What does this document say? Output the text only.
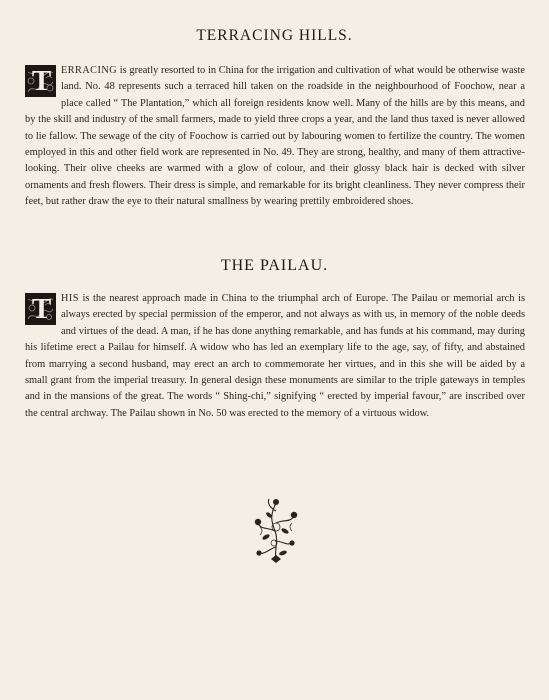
TERRACING HILLS.
T ERRACING is greatly resorted to in China for the irrigation and cultivation of what would be otherwise waste land. No. 48 represents such a terraced hill taken on the roadside in the neighbourhood of Foochow, near a place called “ The Plantation,” which all foreign residents know well. Many of the hills are by this means, and by the skill and industry of the small farmers, made to yield three crops a year, and the land thus taxed is never allowed to lie fallow. The sewage of the city of Foochow is carried out by labouring women to fertilize the country. The women employed in this and other field work are represented in No. 49. They are strong, healthy, and many of them attractive-looking. Their olive cheeks are warmed with a glow of colour, and their glossy black hair is decked with silver ornaments and fresh flowers. Their dress is simple, and remarkable for its bright cleanliness. They never compress their feet, but rather draw the eye to their natural smallness by wearing prettily embroidered shoes.
THE PAILAU.
T HIS is the nearest approach made in China to the triumphal arch of Europe. The Pailau or memorial arch is always erected by special permission of the emperor, and not always as with us, in memory of the noble deeds and virtues of the dead. A man, if he has done anything remarkable, and has funds at his command, may during his lifetime erect a Pailau for himself. A widow who has led an exemplary life to the age, say, of fifty, and abstained from marrying a second husband, may erect an arch to commemorate her virtues, and in this she will be aided by a small grant from the imperial treasury. In general design these monuments are similar to the triple gateways in temples and in the mansions of the great. The words “ Shing-chi,” signifying “ erected by imperial favour,” are inscribed over the central archway. The Pailau shown in No. 50 was erected to the memory of a virtuous widow.
